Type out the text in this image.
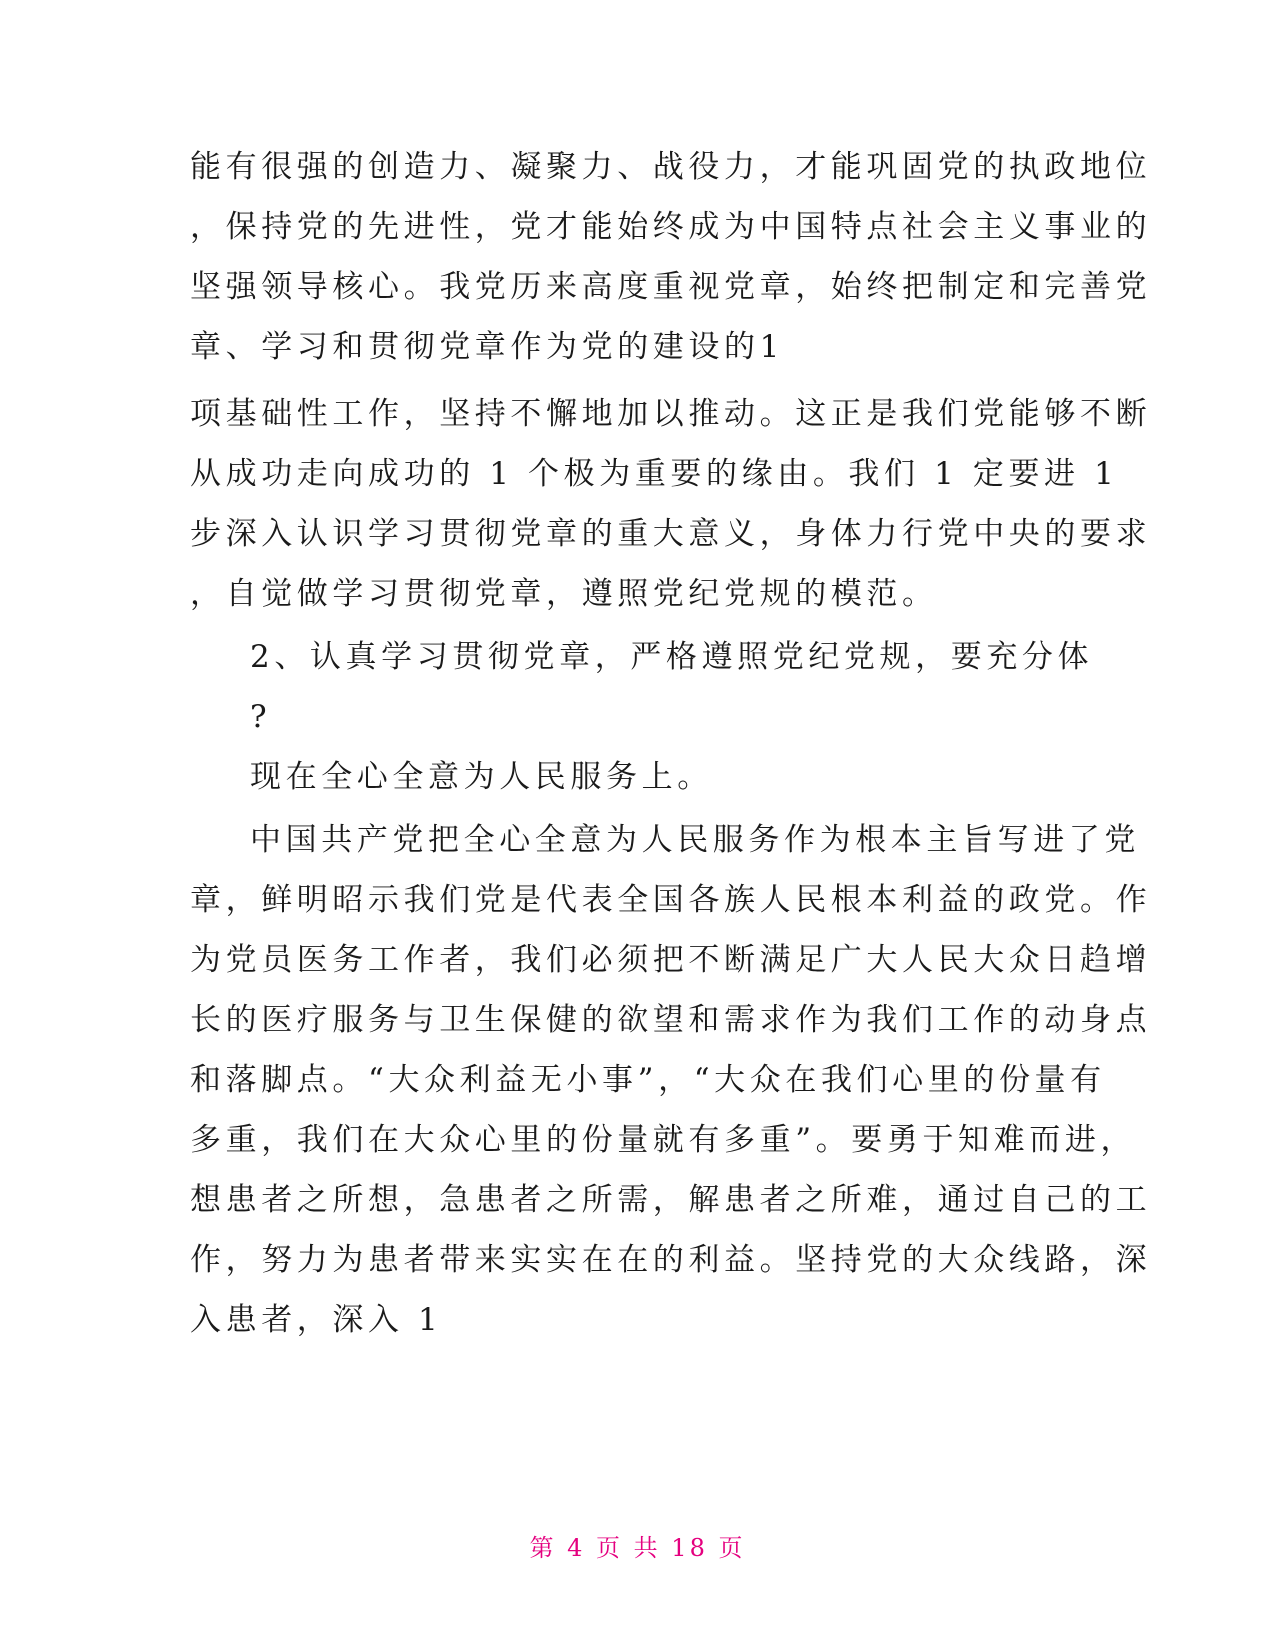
能有很强的创造力、凝聚力、战役力，才能巩固党的执政地位
，保持党的先进性，党才能始终成为中国特点社会主义事业的
坚强领导核心。我党历来高度重视党章，始终把制定和完善党
章、学习和贯彻党章作为党的建设的1
项基础性工作，坚持不懈地加以推动。这正是我们党能够不断
从成功走向成功的 1 个极为重要的缘由。我们 1 定要进 1
步深入认识学习贯彻党章的重大意义，身体力行党中央的要求
，自觉做学习贯彻党章，遵照党纪党规的模范。
2、认真学习贯彻党章，严格遵照党纪党规，要充分体
?
现在全心全意为人民服务上。
中国共产党把全心全意为人民服务作为根本主旨写进了党
章，鲜明昭示我们党是代表全国各族人民根本利益的政党。作
为党员医务工作者，我们必须把不断满足广大人民大众日趋增
长的医疗服务与卫生保健的欲望和需求作为我们工作的动身点
和落脚点。“大众利益无小事”，“大众在我们心里的份量有
多重，我们在大众心里的份量就有多重”。要勇于知难而进，
想患者之所想，急患者之所需，解患者之所难，通过自己的工
作，努力为患者带来实实在在的利益。坚持党的大众线路，深
入患者，深入 1
第 4 页 共 18 页
